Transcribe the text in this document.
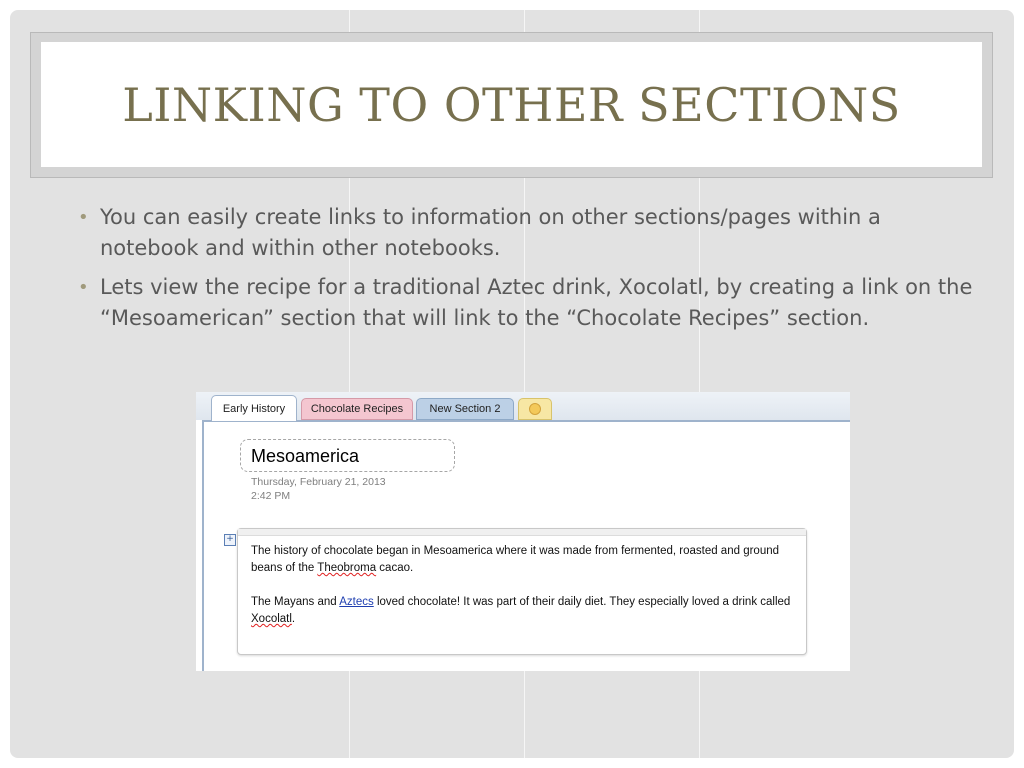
LINKING TO OTHER SECTIONS
• You can easily create links to information on other sections/pages within a notebook and within other notebooks.
• Lets view the recipe for a traditional Aztec drink, Xocolatl, by creating a link on the “Mesoamerican” section that will link to the “Chocolate Recipes” section.
Early History	Chocolate Recipes	New Section 2
Mesoamerica
Thursday, February 21, 2013
2:42 PM
+

The history of chocolate began in Mesoamerica where it was made from fermented, roasted and ground beans of the Theobroma cacao.

The Mayans and Aztecs loved chocolate! It was part of their daily diet. They especially loved a drink called Xocolatl.
